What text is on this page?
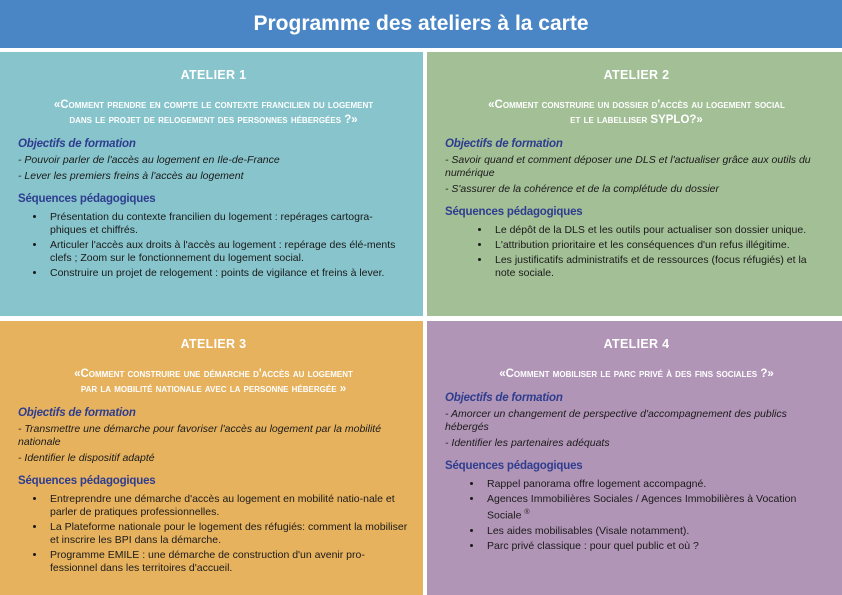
Programme des ateliers à la carte
ATELIER 1
«Comment prendre en compte le contexte francilien du logement
dans le projet de relogement des personnes hébergées ?»
Objectifs de formation
- Pouvoir parler de l'accès au logement en Ile-de-France
- Lever les premiers freins à l'accès au logement
Séquences pédagogiques
• Présentation du contexte francilien du logement : repérages cartogra-phiques et chiffrés.
• Articuler l'accès aux droits à l'accès au logement : repérage des élé-ments clefs ; Zoom sur le fonctionnement du logement social.
• Construire un projet de relogement : points de vigilance et freins à lever.
ATELIER 2
«Comment construire un dossier d'accès au logement social
et le labelliser SYPLO?»
Objectifs de formation
- Savoir quand et comment déposer une DLS et l'actualiser grâce aux outils du numérique
- S'assurer de la cohérence et de la complétude du dossier
Séquences pédagogiques
• Le dépôt de la DLS et les outils pour actualiser son dossier unique.
• L'attribution prioritaire et les conséquences d'un refus illégitime.
• Les justificatifs administratifs et de ressources (focus réfugiés) et la note sociale.
ATELIER 3
«Comment construire une démarche d'accès au logement
par la mobilité nationale avec la personne hébergée »
Objectifs de formation
- Transmettre une démarche pour favoriser l'accès au logement par la mobilité nationale
- Identifier le dispositif adapté
Séquences pédagogiques
• Entreprendre une démarche d'accès au logement en mobilité natio-nale et parler de pratiques professionnelles.
• La Plateforme nationale pour le logement des réfugiés: comment la mobiliser et inscrire les BPI dans la démarche.
• Programme EMILE : une démarche de construction d'un avenir pro-fessionnel dans les territoires d'accueil.
ATELIER 4
«Comment mobiliser le parc privé à des fins sociales ?»
Objectifs de formation
- Amorcer un changement de perspective d'accompagnement des publics hébergés
- Identifier les partenaires adéquats
Séquences pédagogiques
• Rappel panorama offre logement accompagné.
• Agences Immobilières Sociales / Agences Immobilières à Vocation Sociale ®
• Les aides mobilisables (Visale notamment).
• Parc privé classique : pour quel public et où ?
